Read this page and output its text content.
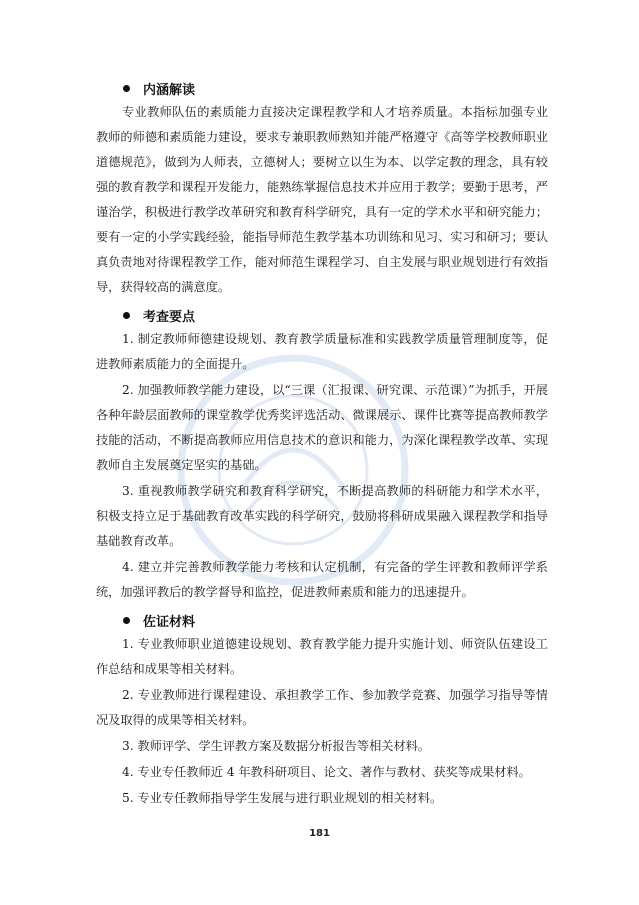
内涵解读

专业教师队伍的素质能力直接决定课程教学和人才培养质量。本指标加强专业教师的师德和素质能力建设，要求专兼职教师熟知并能严格遵守《高等学校教师职业道德规范》，做到为人师表，立德树人；要树立以生为本、以学定教的理念，具有较强的教育教学和课程开发能力，能熟练掌握信息技术并应用于教学；要勤于思考，严谨治学，积极进行教学改革研究和教育科学研究，具有一定的学术水平和研究能力；要有一定的小学实践经验，能指导师范生教学基本功训练和见习、实习和研习；要认真负责地对待课程教学工作，能对师范生课程学习、自主发展与职业规划进行有效指导，获得较高的满意度。

考查要点

1. 制定教师师德建设规划、教育教学质量标准和实践教学质量管理制度等，促进教师素质能力的全面提升。

2. 加强教师教学能力建设，以“三课（汇报课、研究课、示范课）”为抓手，开展各种年龄层面教师的课堂教学优秀奖评选活动、微课展示、课件比赛等提高教师教学技能的活动，不断提高教师应用信息技术的意识和能力，为深化课程教学改革、实现教师自主发展奠定坚实的基础。

3. 重视教师教学研究和教育科学研究，不断提高教师的科研能力和学术水平，积极支持立足于基础教育改革实践的科学研究，鼓励将科研成果融入课程教学和指导基础教育改革。

4. 建立并完善教师教学能力考核和认定机制，有完备的学生评教和教师评学系统，加强评教后的教学督导和监控，促进教师素质和能力的迅速提升。

佐证材料

1. 专业教师职业道德建设规划、教育教学能力提升实施计划、师资队伍建设工作总结和成果等相关材料。

2. 专业教师进行课程建设、承担教学工作、参加教学竞赛、加强学习指导等情况及取得的成果等相关材料。

3. 教师评学、学生评教方案及数据分析报告等相关材料。

4. 专业专任教师近 4 年教科研项目、论文、著作与教材、获奖等成果材料。

5. 专业专任教师指导学生发展与进行职业规划的相关材料。

181
